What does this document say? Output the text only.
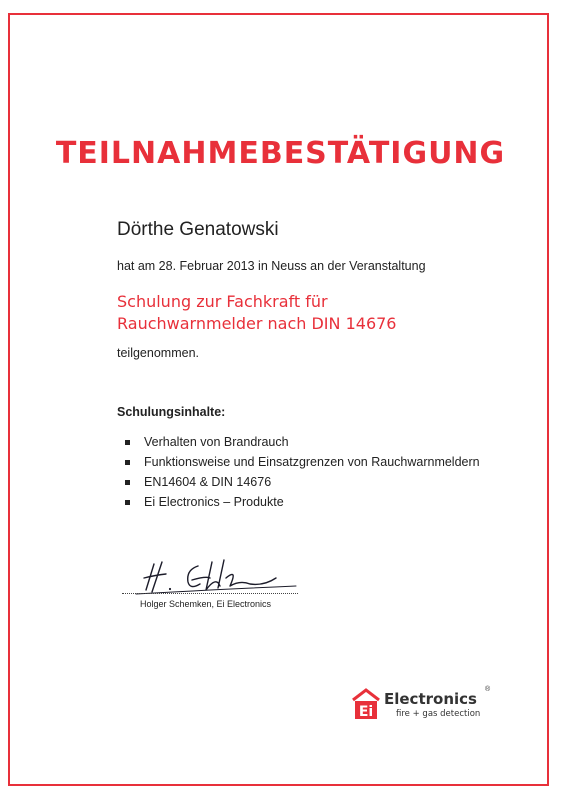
TEILNAHMEBESTÄTIGUNG
Dörthe Genatowski
hat am 28. Februar 2013 in Neuss an der Veranstaltung
Schulung zur Fachkraft für
Rauchwarnmelder nach DIN 14676
teilgenommen.
Schulungsinhalte:
Verhalten von Brandrauch
Funktionsweise und Einsatzgrenzen von Rauchwarnmeldern
EN14604 & DIN 14676
Ei Electronics – Produkte
Holger Schemken, Ei Electronics
Ei
Electronics
®
fire + gas detection
